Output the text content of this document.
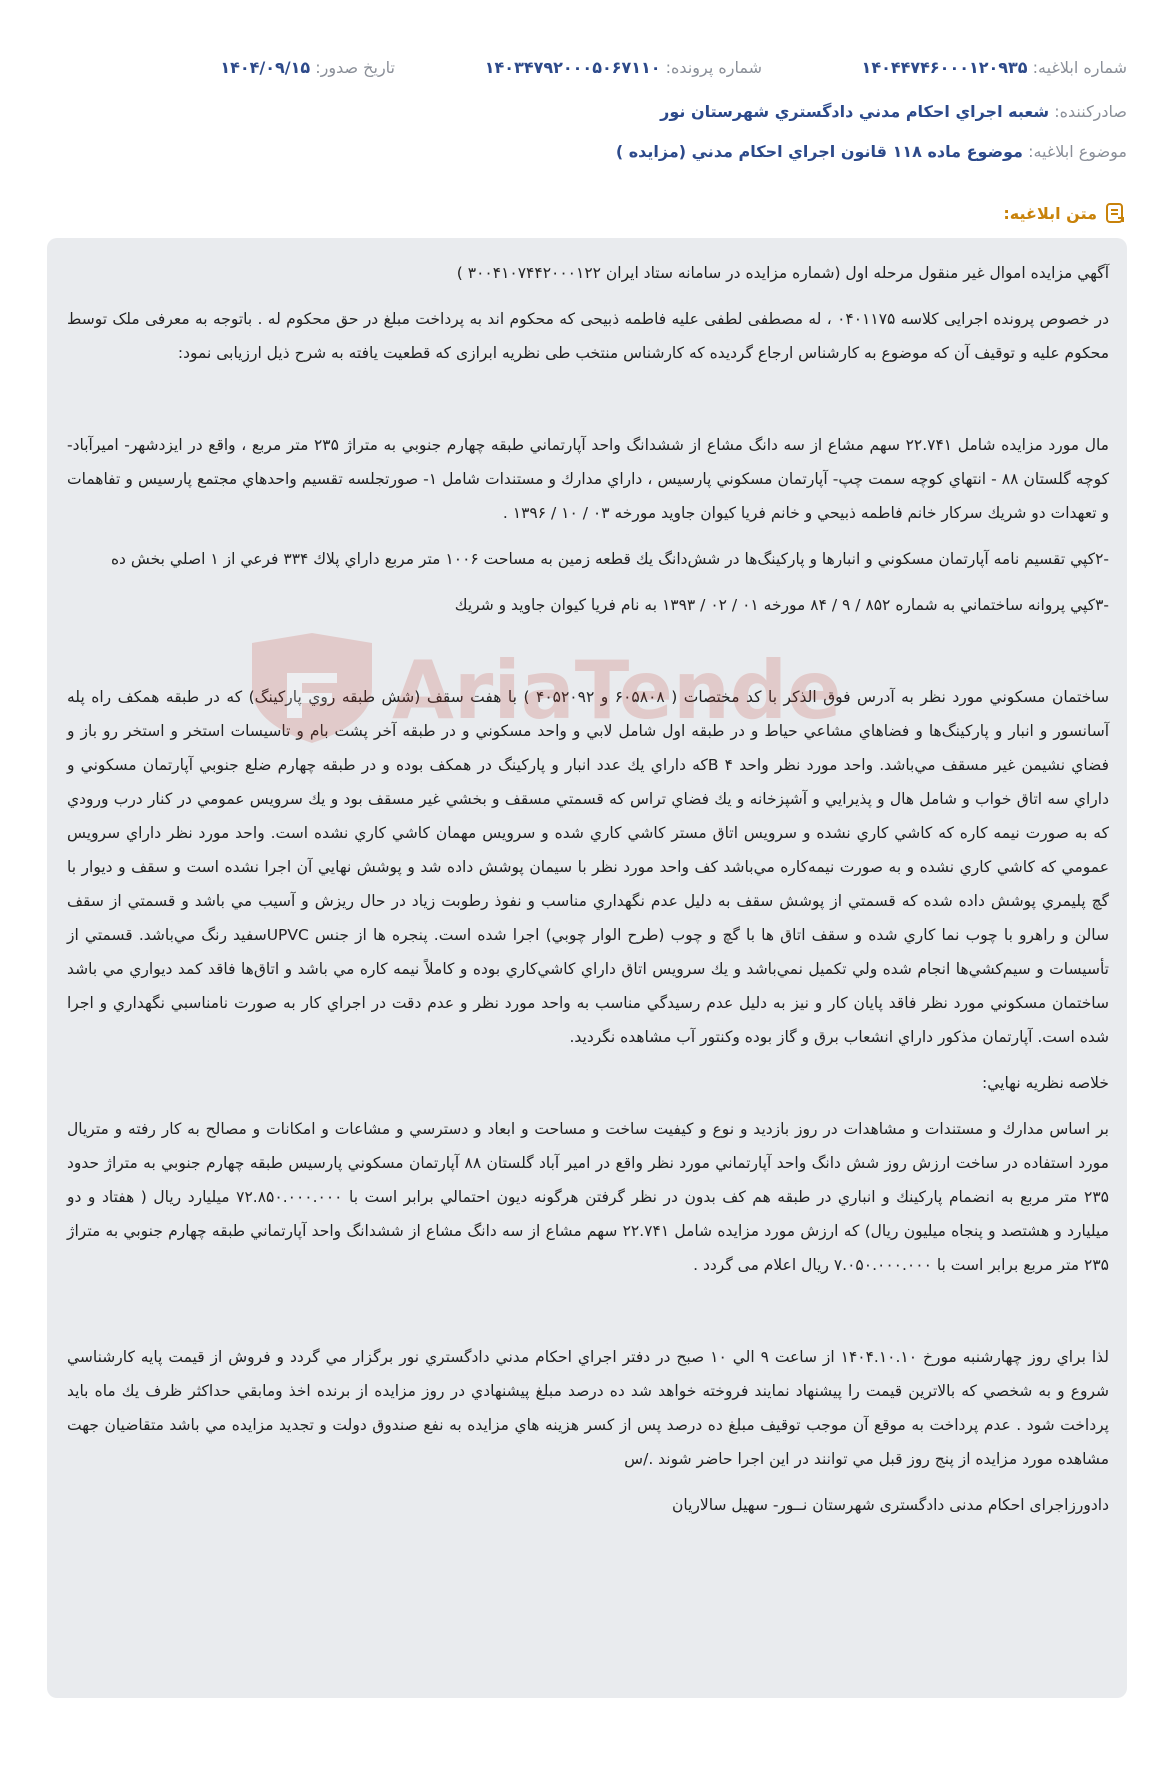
شماره ابلاغیه: ۱۴۰۴۴۷۴۶۰۰۰۱۲۰۹۳۵
شماره پرونده: ۱۴۰۳۴۷۹۲۰۰۰۵۰۶۷۱۱۰
تاریخ صدور: ۱۴۰۴/۰۹/۱۵
صادرکننده: شعبه اجراي احكام مدني دادگستري شهرستان نور
موضوع ابلاغیه: موضوع ماده ۱۱۸ قانون اجراي احكام مدني (مزايده )
متن ابلاغیه:

آگهي مزايده اموال غير منقول مرحله اول (شماره مزايده در سامانه ستاد ايران ۳۰۰۴۱۰۷۴۴۲۰۰۰۱۲۲ )

در خصوص پرونده اجرایی کلاسه ۰۴۰۱۱۷۵ ، له مصطفی لطفی علیه فاطمه ذبیحی که محکوم اند به پرداخت مبلغ در حق محکوم له . باتوجه به معرفی ملک توسط محکوم علیه و توقیف آن که موضوع به کارشناس ارجاع گردیده که کارشناس منتخب طی نظریه ابرازی که قطعیت یافته به شرح ذیل ارزیابی نمود:

مال مورد مزايده شامل ۲۲.۷۴۱ سهم مشاع از سه دانگ مشاع از ششدانگ واحد آپارتماني طبقه چهارم جنوبي به متراژ ۲۳۵ متر مربع ، واقع در ايزدشهر- اميرآباد- كوچه گلستان ۸۸ - انتهاي كوچه سمت چپ- آپارتمان مسكوني پارسيس ، داراي مدارك و مستندات شامل ۱- صورتجلسه تقسيم واحدهاي مجتمع پارسيس و تفاهمات و تعهدات دو شريك سركار خانم فاطمه ذبيحي و خانم فريا كيوان جاويد مورخه ۰۳ / ۱۰ / ۱۳۹۶ .

-۲كپي تقسيم نامه آپارتمان مسكوني و انبارها و پاركينگ‌ها در شش‌دانگ يك قطعه زمين به مساحت ۱۰۰۶ متر مربع داراي پلاك ۳۳۴ فرعي از ۱ اصلي بخش ده

-۳كپي پروانه ساختماني به شماره ۸۵۲ / ۹ / ۸۴ مورخه ۰۱ / ۰۲ / ۱۳۹۳ به نام فريا كيوان جاويد و شريك

ساختمان مسكوني مورد نظر به آدرس فوق الذكر با كد مختصات ( ۶۰۵۸۰۸ و ۴۰۵۲۰۹۲ ) با هفت سقف (شش طبقه روي پاركينگ) كه در طبقه همكف راه پله آسانسور و انبار و پاركينگ‌ها و فضاهاي مشاعي حياط و در طبقه اول شامل لابي و واحد مسكوني و در طبقه آخر پشت بام و تاسيسات استخر و استخر رو باز و فضاي نشيمن غير مسقف مي‌باشد. واحد مورد نظر واحد ۴ Bكه داراي يك عدد انبار و پاركينگ در همكف بوده و در طبقه چهارم ضلع جنوبي آپارتمان مسكوني و داراي سه اتاق خواب و شامل هال و پذيرايي و آشپزخانه و يك فضاي تراس كه قسمتي مسقف و بخشي غير مسقف بود و يك سرويس عمومي در كنار درب ورودي كه به صورت نيمه كاره كه كاشي كاري نشده و سرويس اتاق مستر كاشي كاري شده و سرويس مهمان كاشي كاري نشده است. واحد مورد نظر داراي سرويس عمومي كه كاشي كاري نشده و به صورت نيمه‌كاره مي‌باشد كف واحد مورد نظر با سيمان پوشش داده شد و پوشش نهايي آن اجرا نشده است و سقف و ديوار با گچ پليمري پوشش داده شده كه قسمتي از پوشش سقف به دليل عدم نگهداري مناسب و نفوذ رطوبت زياد در حال ريزش و آسيب مي باشد و قسمتي از سقف سالن و راهرو با چوب نما كاري شده و سقف اتاق ها با گچ و چوب (طرح الوار چوبي) اجرا شده است. پنجره ها از جنس UPVCسفيد رنگ مي‌باشد. قسمتي از تأسيسات و سيم‌كشي‌ها انجام شده ولي تكميل نمي‌باشد و يك سرويس اتاق داراي كاشي‌كاري بوده و كاملاً نيمه كاره مي باشد و اتاق‌ها فاقد كمد ديواري مي باشد ساختمان مسكوني مورد نظر فاقد پايان كار و نيز به دليل عدم رسيدگي مناسب به واحد مورد نظر و عدم دقت در اجراي كار به صورت نامناسبي نگهداري و اجرا شده است. آپارتمان مذكور داراي انشعاب برق و گاز بوده وكنتور آب مشاهده نگرديد.

خلاصه نظريه نهايي:

بر اساس مدارك و مستندات و مشاهدات در روز بازديد و نوع و كيفيت ساخت و مساحت و ابعاد و دسترسي و مشاعات و امكانات و مصالح به كار رفته و متريال مورد استفاده در ساخت ارزش روز شش دانگ واحد آپارتماني مورد نظر واقع در امير آباد گلستان ۸۸ آپارتمان مسكوني پارسيس طبقه چهارم جنوبي به متراژ حدود ۲۳۵ متر مربع به انضمام پاركينك و انباري در طبقه هم كف بدون در نظر گرفتن هرگونه ديون احتمالي برابر است با ۷۲.۸۵۰.۰۰۰.۰۰۰ ميليارد ريال ( هفتاد و دو ميليارد و هشتصد و پنجاه ميليون ريال) كه ارزش مورد مزايده شامل ۲۲.۷۴۱ سهم مشاع از سه دانگ مشاع از ششدانگ واحد آپارتماني طبقه چهارم جنوبي به متراژ ۲۳۵ متر مربع برابر است با ۷.۰۵۰.۰۰۰.۰۰۰ ريال اعلام مى گردد .

لذا براي روز چهارشنبه مورخ ۱۴۰۴.۱۰.۱۰ از ساعت ۹ الي ۱۰ صبح در دفتر اجراي احكام مدني دادگستري نور برگزار مي گردد و فروش از قيمت پايه كارشناسي شروع و به شخصي كه بالاترين قيمت را پيشنهاد نمايند فروخته خواهد شد ده درصد مبلغ پيشنهادي در روز مزايده از برنده اخذ ومابقي حداكثر ظرف يك ماه بايد پرداخت شود . عدم پرداخت به موقع آن موجب توقيف مبلغ ده درصد پس از كسر هزينه هاي مزايده به نفع صندوق دولت و تجديد مزايده مي باشد متقاضيان جهت مشاهده مورد مزايده از پنج روز قبل مي توانند در اين اجرا حاضر شوند ./س

دادورزاجرای احکام مدنی دادگستری شهرستان نــور- سهیل سالاریان

AriaTende
